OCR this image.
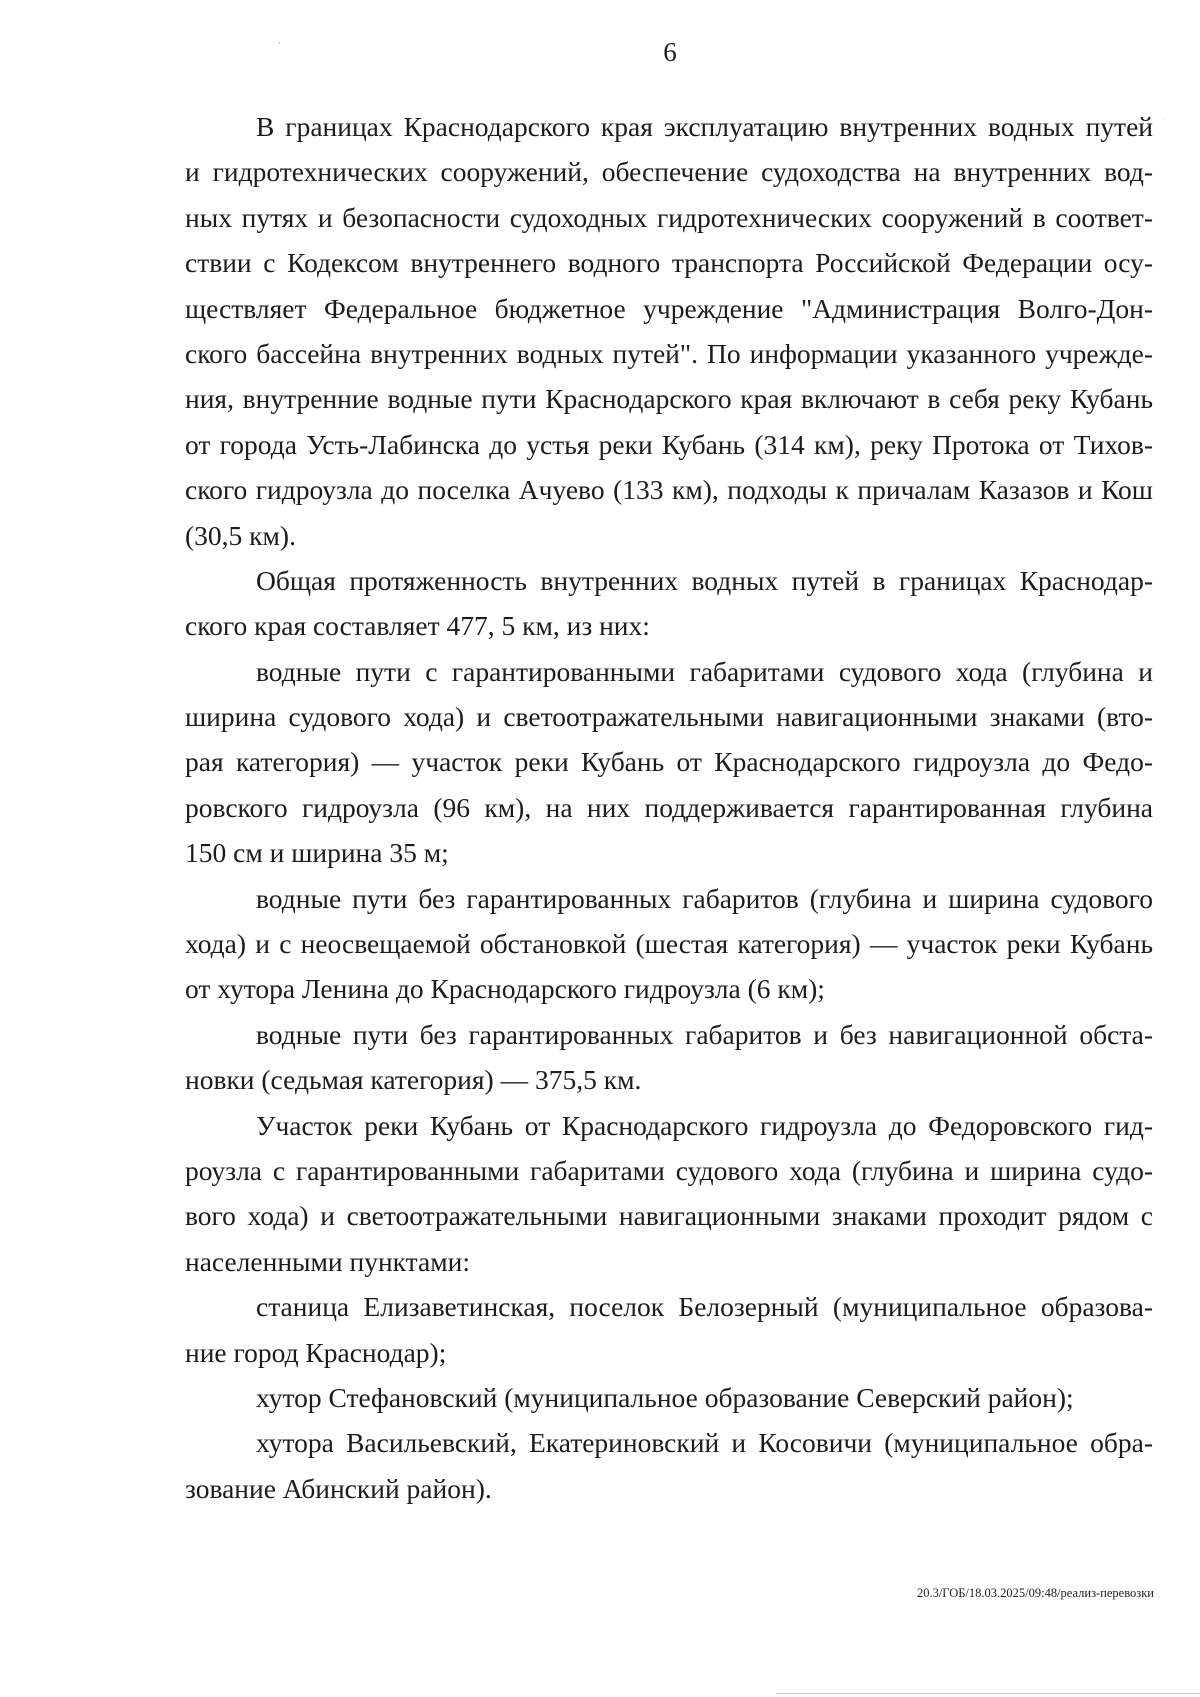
6
В границах Краснодарского края эксплуатацию внутренних водных путей
и гидротехнических сооружений, обеспечение судоходства на внутренних вод-
ных путях и безопасности судоходных гидротехнических сооружений в соответ-
ствии с Кодексом внутреннего водного транспорта Российской Федерации осу-
ществляет Федеральное бюджетное учреждение "Администрация Волго-Дон-
ского бассейна внутренних водных путей". По информации указанного учрежде-
ния, внутренние водные пути Краснодарского края включают в себя реку Кубань
от города Усть-Лабинска до устья реки Кубань (314 км), реку Протока от Тихов-
ского гидроузла до поселка Ачуево (133 км), подходы к причалам Казазов и Кош
(30,5 км).
Общая протяженность внутренних водных путей в границах Краснодар-
ского края составляет 477, 5 км, из них:
водные пути с гарантированными габаритами судового хода (глубина и
ширина судового хода) и светоотражательными навигационными знаками (вто-
рая категория) — участок реки Кубань от Краснодарского гидроузла до Федо-
ровского гидроузла (96 км), на них поддерживается гарантированная глубина
150 см и ширина 35 м;
водные пути без гарантированных габаритов (глубина и ширина судового
хода) и с неосвещаемой обстановкой (шестая категория) — участок реки Кубань
от хутора Ленина до Краснодарского гидроузла (6 км);
водные пути без гарантированных габаритов и без навигационной обста-
новки (седьмая категория) — 375,5 км.
Участок реки Кубань от Краснодарского гидроузла до Федоровского гид-
роузла с гарантированными габаритами судового хода (глубина и ширина судо-
вого хода) и светоотражательными навигационными знаками проходит рядом с
населенными пунктами:
станица Елизаветинская, поселок Белозерный (муниципальное образова-
ние город Краснодар);
хутор Стефановский (муниципальное образование Северский район);
хутора Васильевский, Екатериновский и Косовичи (муниципальное обра-
зование Абинский район).
20.3/ГОБ/18.03.2025/09:48/реализ-перевозки
